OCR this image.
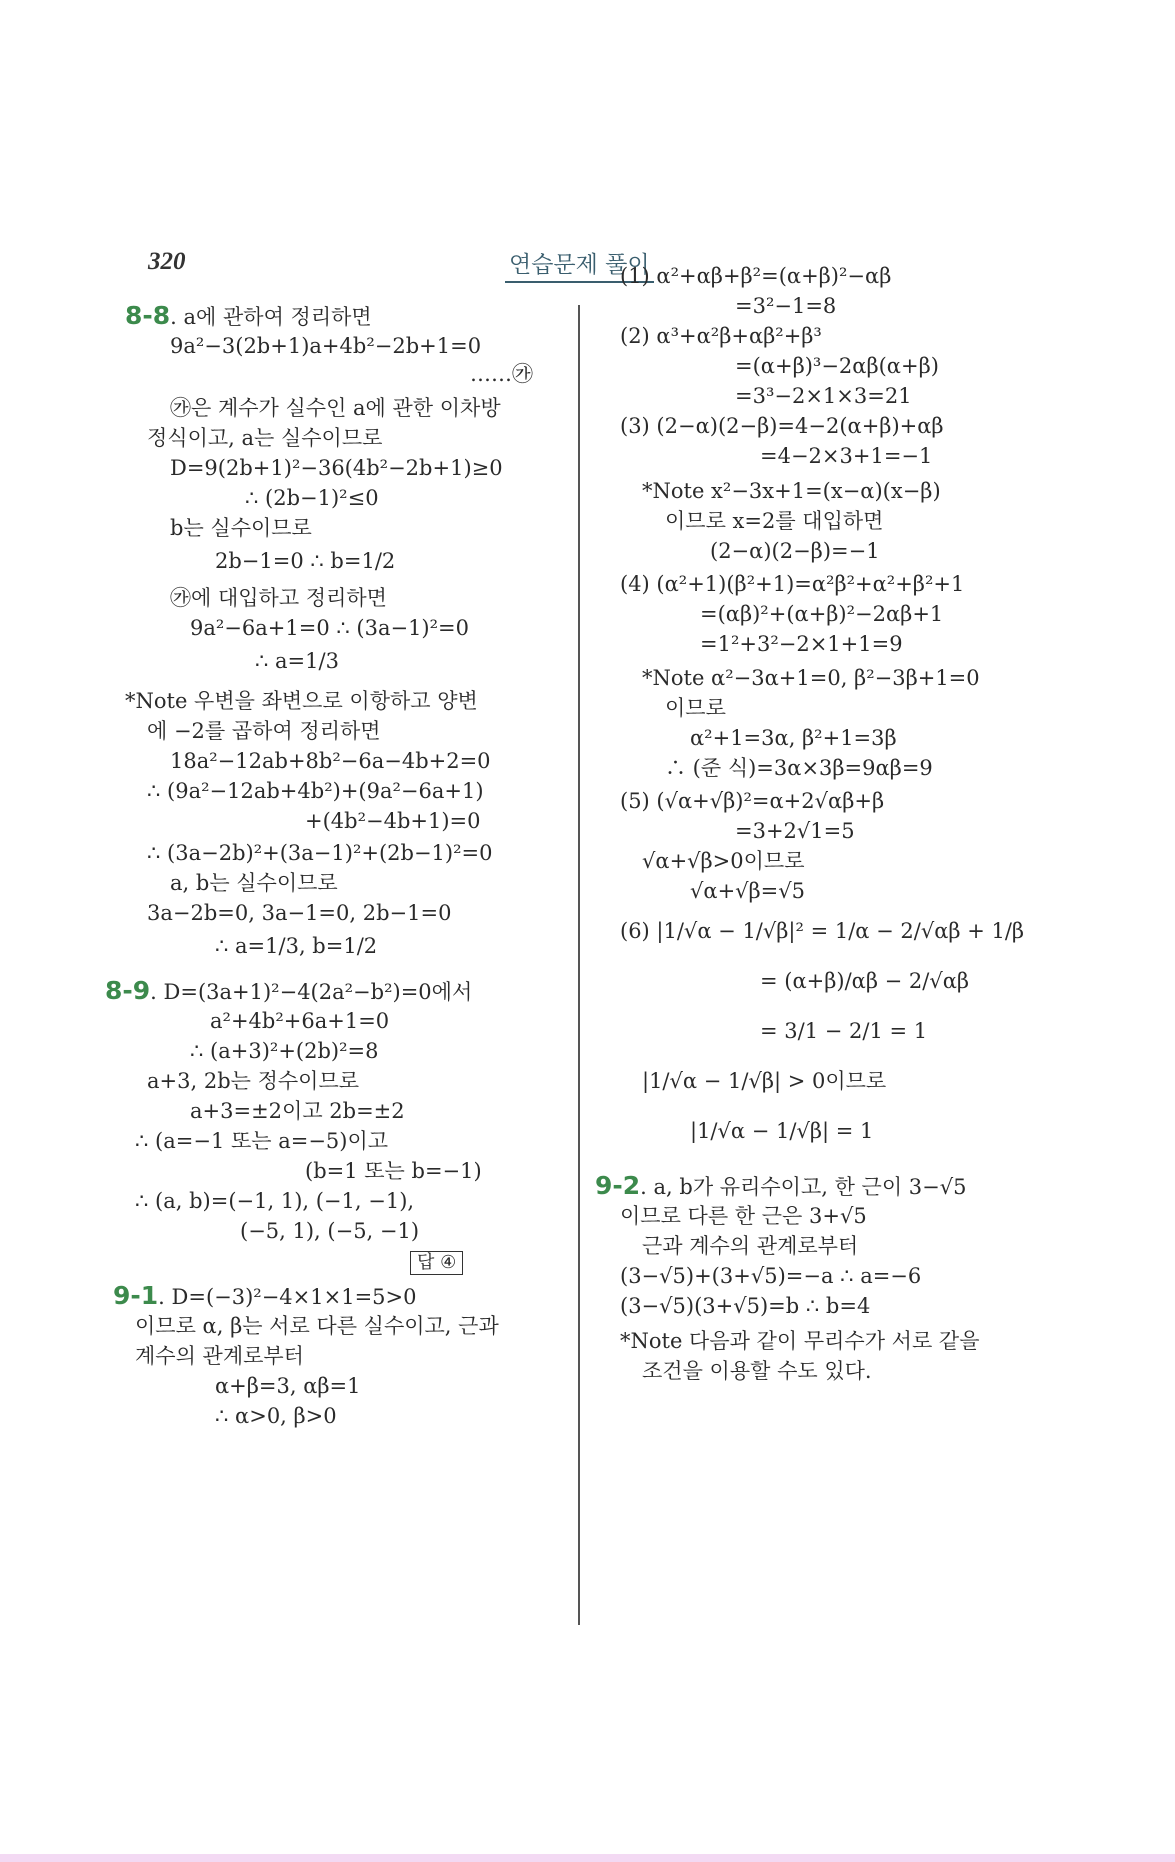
320	연습문제 풀이
8-8. a에 관하여 정리하면
9a²−3(2b+1)a+4b²−2b+1=0
……㉮
㉮은 계수가 실수인 a에 관한 이차방
정식이고, a는 실수이므로
D=9(2b+1)²−36(4b²−2b+1)≥0
∴ (2b−1)²≤0
b는 실수이므로
2b−1=0 ∴ b=1/2
㉮에 대입하고 정리하면
9a²−6a+1=0 ∴ (3a−1)²=0
∴ a=1/3
*Note 우변을 좌변으로 이항하고 양변
에 −2를 곱하여 정리하면
18a²−12ab+8b²−6a−4b+2=0
∴ (9a²−12ab+4b²)+(9a²−6a+1)
+(4b²−4b+1)=0
∴ (3a−2b)²+(3a−1)²+(2b−1)²=0
a, b는 실수이므로
3a−2b=0, 3a−1=0, 2b−1=0
∴ a=1/3, b=1/2
8-9. D=(3a+1)²−4(2a²−b²)=0에서
a²+4b²+6a+1=0
∴ (a+3)²+(2b)²=8
a+3, 2b는 정수이므로
a+3=±2이고 2b=±2
∴ (a=−1 또는 a=−5)이고
(b=1 또는 b=−1)
∴ (a, b)=(−1, 1), (−1, −1),
(−5, 1), (−5, −1)
답 ④
9-1. D=(−3)²−4×1×1=5>0
이므로 α, β는 서로 다른 실수이고, 근과
계수의 관계로부터
α+β=3, αβ=1
∴ α>0, β>0
(1) α²+αβ+β²=(α+β)²−αβ
=3²−1=8
(2) α³+α²β+αβ²+β³
=(α+β)³−2αβ(α+β)
=3³−2×1×3=21
(3) (2−α)(2−β)=4−2(α+β)+αβ
=4−2×3+1=−1
*Note x²−3x+1=(x−α)(x−β)
이므로 x=2를 대입하면
(2−α)(2−β)=−1
(4) (α²+1)(β²+1)=α²β²+α²+β²+1
=(αβ)²+(α+β)²−2αβ+1
=1²+3²−2×1+1=9
*Note α²−3α+1=0, β²−3β+1=0
이므로
α²+1=3α, β²+1=3β
∴ (준 식)=3α×3β=9αβ=9
(5) (√α+√β)²=α+2√αβ+β
=3+2√1=5
√α+√β>0이므로
√α+√β=√5
(6) |1/√α − 1/√β|² = 1/α − 2/√αβ + 1/β
= (α+β)/αβ − 2/√αβ
= 3/1 − 2/1 = 1
|1/√α − 1/√β| > 0이므로
|1/√α − 1/√β| = 1
9-2. a, b가 유리수이고, 한 근이 3−√5
이므로 다른 한 근은 3+√5
근과 계수의 관계로부터
(3−√5)+(3+√5)=−a ∴ a=−6
(3−√5)(3+√5)=b ∴ b=4
*Note 다음과 같이 무리수가 서로 같을
조건을 이용할 수도 있다.
